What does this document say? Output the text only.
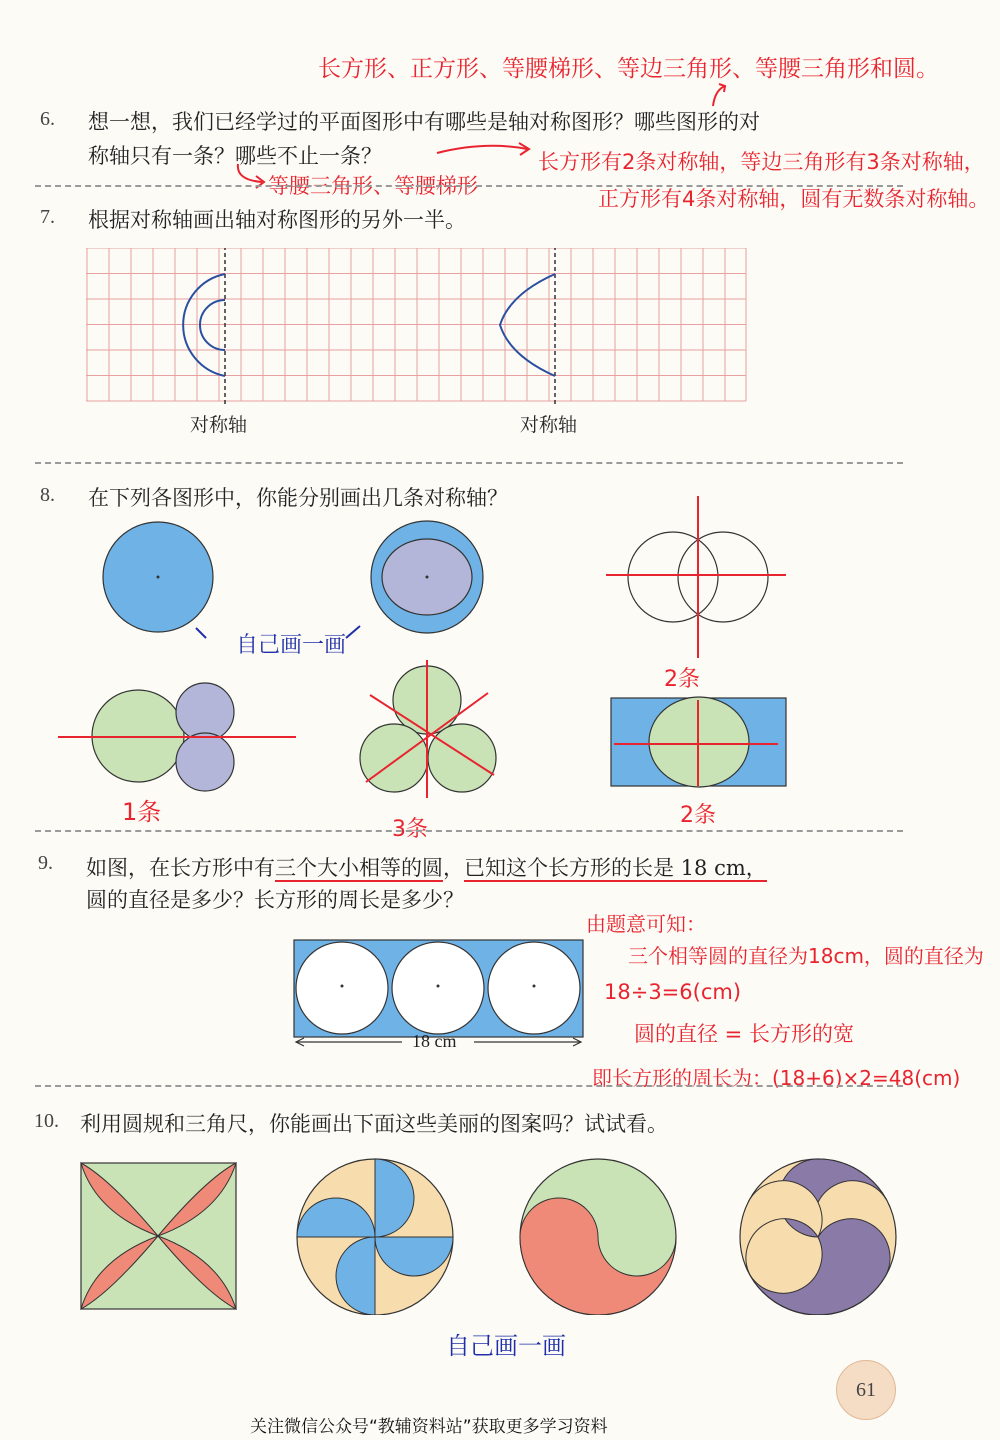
长方形、正方形、等腰梯形、等边三角形、等腰三角形和圆。
6. 想一想，我们已经学过的平面图形中有哪些是轴对称图形？哪些图形的对
称轴只有一条？哪些不止一条？	长方形有2条对称轴，等边三角形有3条对称轴，
正方形有4条对称轴，圆有无数条对称轴。
等腰三角形、等腰梯形
7. 根据对称轴画出轴对称图形的另外一半。
对称轴	对称轴
8. 在下列各图形中，你能分别画出几条对称轴？
自己画一画
2条
1条
3条
2条
9. 如图，在长方形中有三个大小相等的圆，已知这个长方形的长是 18 cm，
圆的直径是多少？长方形的周长是多少？
18 cm
由题意可知：
三个相等圆的直径为18cm，圆的直径为
18÷3=6(cm)
圆的直径 = 长方形的宽
即长方形的周长为：(18+6)×2=48(cm)
10. 利用圆规和三角尺，你能画出下面这些美丽的图案吗？试试看。
自己画一画
61
关注微信公众号“教辅资料站”获取更多学习资料
